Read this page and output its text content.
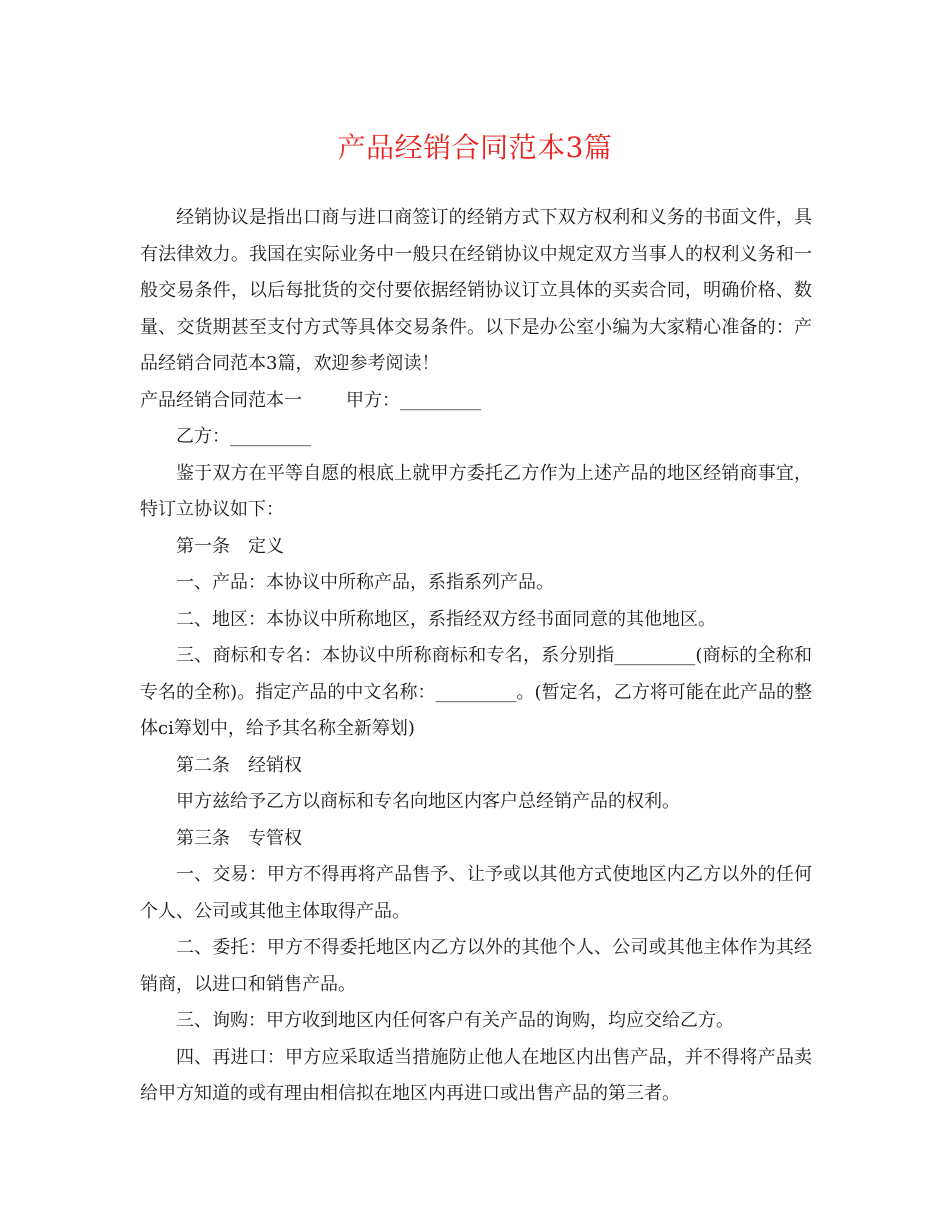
产品经销合同范本3篇

经销协议是指出口商与进口商签订的经销方式下双方权利和义务的书面文件，具有法律效力。我国在实际业务中一般只在经销协议中规定双方当事人的权利义务和一般交易条件，以后每批货的交付要依据经销协议订立具体的买卖合同，明确价格、数量、交货期甚至支付方式等具体交易条件。以下是办公室小编为大家精心准备的：产品经销合同范本3篇，欢迎参考阅读！

产品经销合同范本一 甲方：_________

乙方：_________

鉴于双方在平等自愿的根底上就甲方委托乙方作为上述产品的地区经销商事宜，特订立协议如下：

第一条　定义

一、产品：本协议中所称产品，系指系列产品。

二、地区：本协议中所称地区，系指经双方经书面同意的其他地区。

三、商标和专名：本协议中所称商标和专名，系分别指_________(商标的全称和专名的全称)。指定产品的中文名称：_________。(暂定名，乙方将可能在此产品的整体ci筹划中，给予其名称全新筹划)

第二条　经销权

甲方兹给予乙方以商标和专名向地区内客户总经销产品的权利。

第三条　专管权

一、交易：甲方不得再将产品售予、让予或以其他方式使地区内乙方以外的任何个人、公司或其他主体取得产品。

二、委托：甲方不得委托地区内乙方以外的其他个人、公司或其他主体作为其经销商，以进口和销售产品。

三、询购：甲方收到地区内任何客户有关产品的询购，均应交给乙方。

四、再进口：甲方应采取适当措施防止他人在地区内出售产品，并不得将产品卖给甲方知道的或有理由相信拟在地区内再进口或出售产品的第三者。
